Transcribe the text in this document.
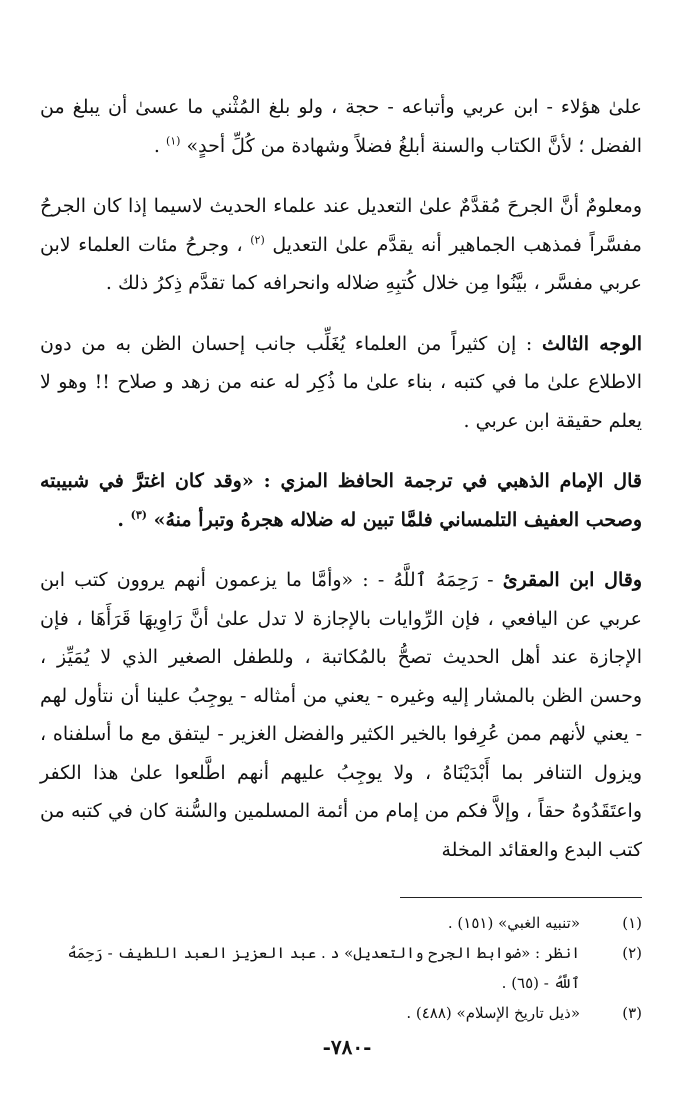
علىٰ هؤلاء - ابن عربي وأتباعه - حجة ، ولو بلغ المُثْني ما عسىٰ أن يبلغ من الفضل ؛ لأنَّ الكتاب والسنة أبلغُ فضلاً وشهادة من كُلِّ أحدٍ» $^{(١)}$ .

ومعلومٌ أنَّ الجرحَ مُقدَّمٌ علىٰ التعديل عند علماء الحديث لاسيما إذا كان الجرحُ مفسَّراً فمذهب الجماهير أنه يقدَّم علىٰ التعديل $^{(٢)}$ ، وجرحُ مئات العلماء لابن عربي مفسَّر ، بيَّنُوا مِن خلال كُتبِهِ ضلاله وانحرافه كما تقدَّم ذِكرُ ذلك .

الوجه الثالث : إن كثيراً من العلماء يُغَلِّب جانب إحسان الظن به من دون الاطلاع علىٰ ما في كتبه ، بناء علىٰ ما ذُكِر له عنه من زهد و صلاح !! وهو لا يعلم حقيقة ابن عربي .

قال الإمام الذهبي في ترجمة الحافظ المزي : «وقد كان اغترَّ في شبيبته وصحب العفيف التلمساني فلمَّا تبين له ضلاله هجرهُ وتبرأ منهُ» $^{(٣)}$ .

وقال ابن المقرئ - رَحِمَهُ ٱللَّهُ - : «وأمَّا ما يزعمون أنهم يروون كتب ابن عربي عن اليافعي ، فإن الرِّوايات بالإجازة لا تدل علىٰ أنَّ رَاوِيهَا قَرَأَهَا ، فإن الإجازة عند أهل الحديث تصحُّ بالمُكاتبة ، وللطفل الصغير الذي لا يُمَيِّز ، وحسن الظن بالمشار إليه وغيره - يعني من أمثاله - يوجِبُ علينا أن نتأول لهم - يعني لأنهم ممن عُرِفوا بالخير الكثير والفضل الغزير - ليتفق مع ما أسلفناه ، ويزول التنافر بما أَبْدَيْنَاهُ ، ولا يوجِبُ عليهم أنهم اطَّلعوا علىٰ هذا الكفر واعتَقَدُوهُ حقاً ، وإلاَّ فكم من إمام من أئمة المسلمين والسُّنة كان في كتبه من كتب البدع والعقائد المخلة

(١)
«تنبيه الغبي» (١٥١) .
(٢)
انظر : «ضوابط الجرح والتعديل» د . عبد العزيز العبد اللطيف - رَحِمَهُ ٱللَّهُ - (٦٥) .
(٣)
«ذيل تاريخ الإسلام» (٤٨٨) .
-٧٨٠-
